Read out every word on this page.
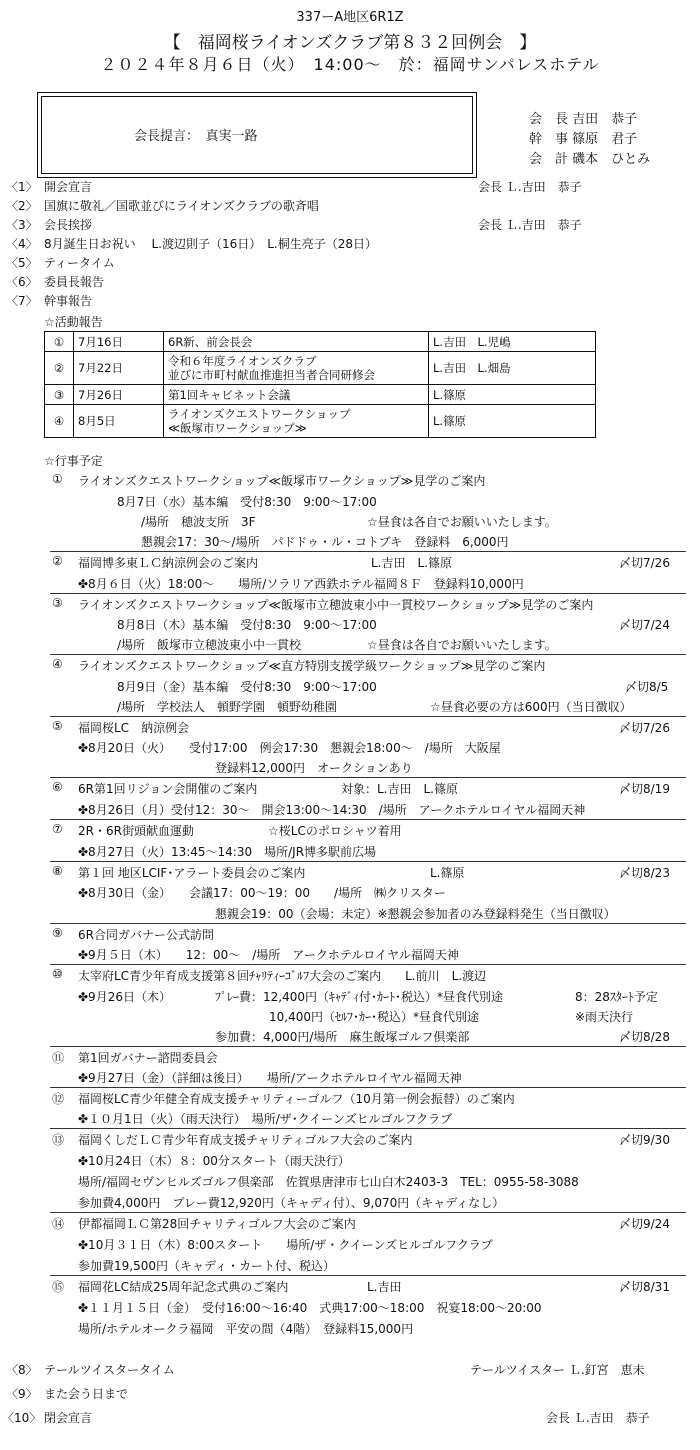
337ーA地区6R1Z
【　福岡桜ライオンズクラブ第８３２回例会　】
２０２４年８月６日（火）　14:00～　於：福岡サンパレスホテル
会長提言：　真実一路
会　長 吉田　恭子
幹　事 篠原　君子
会　計 磯本　ひとみ
〈1〉 開会宣言	会長 Ｌ.吉田　恭子
〈2〉 国旗に敬礼／国歌並びにライオンズクラブの歌斉唱
〈3〉 会長挨拶	会長 Ｌ.吉田　恭子
〈4〉 8月誕生日お祝い　 L.渡辺則子（16日）　L.桐生亮子（28日）
〈5〉 ティータイム
〈6〉 委員長報告
〈7〉 幹事報告
☆活動報告
①	7月16日	6R新、前会長会	L.吉田　L.児嶋
②	7月22日	令和６年度ライオンズクラブ
並びに市町村献血推進担当者合同研修会	L.吉田　L.畑島
③	7月26日	第1回キャビネット会議	L.篠原
④	8月5日	ライオンズクエストワークショップ
≪飯塚市ワークショップ≫	L.篠原
☆行事予定
① ライオンズクエストワークショップ≪飯塚市ワークショップ≫見学のご案内
8月7日（水）基本編　受付8:30　9:00～17:00
/場所　穂波支所　3F	☆昼食は各自でお願いいたします。
懇親会17：30～/場所　パドドゥ・ル・コトブキ　登録料　6,000円
② 福岡博多東ＬＣ納涼例会のご案内	L.吉田　L.篠原	〆切7/26
✤8月６日（火）18:00～　　場所/ソラリア西鉄ホテル福岡８Ｆ　登録料10,000円
③ ライオンズクエストワークショップ≪飯塚市立穂波東小中一貫校ワークショップ≫見学のご案内
8月8日（木）基本編　受付8:30　9:00～17:00	〆切7/24
/場所　飯塚市立穂波東小中一貫校	☆昼食は各自でお願いいたします。
④ ライオンズクエストワークショップ≪直方特別支援学級ワークショップ≫見学のご案内
8月9日（金）基本編　受付8:30　9:00～17:00	〆切8/5
/場所　学校法人　頓野学園　頓野幼稚園	☆昼食必要の方は600円（当日徴収）
⑤ 福岡桜LC　納涼例会	〆切7/26
✤8月20日（火）　　受付17:00　例会17:30　懇親会18:00～　/場所　大阪屋
登録料12,000円　オークションあり
⑥ 6R第1回リジョン会開催のご案内	対象：L.吉田　L.篠原	〆切8/19
✤8月26日（月）受付12：30～　開会13:00～14:30　/場所　アークホテルロイヤル福岡天神
⑦ 2R・6R街頭献血運動	☆桜LCのポロシャツ着用
✤8月27日（火）13:45～14:30　場所/JR博多駅前広場
⑧ 第１回 地区LCIF･アラート委員会のご案内	L.篠原	〆切8/23
✤8月30日（金）　　会議17：00～19：00　　/場所　㈱クリスター
懇親会19：00（会場：未定）※懇親会参加者のみ登録料発生（当日徴収）
⑨ 6R合同ガバナー公式訪問
✤9月５日（木）　　12：00～　/場所　アークホテルロイヤル福岡天神
⑩ 太宰府LC青少年育成支援第８回ﾁｬﾘﾃｨｰｺﾞﾙﾌ大会のご案内　　L.前川　L.渡辺
✤9月26日（木）	ﾌﾟﾚｰ費：12,400円（ｷｬﾃﾞｨ付･ｶｰﾄ･税込）*昼食代別途	8：28ｽﾀｰﾄ予定
10,400円（ｾﾙﾌ･ｶｰ･税込）*昼食代別途	※雨天決行
参加費：4,000円/場所　麻生飯塚ゴルフ倶楽部	〆切8/28
⑪ 第1回ガバナー諮問委員会
✤9月27日（金）（詳細は後日）　　場所/アークホテルロイヤル福岡天神
⑫ 福岡桜LC青少年健全育成支援チャリティーゴルフ（10月第一例会振替）のご案内
✤１０月1日（火）（雨天決行）　場所/ザ･クイーンズヒルゴルフクラブ
⑬ 福岡くしだＬＣ青少年育成支援チャリティゴルフ大会のご案内	〆切9/30
✤10月24日（木）８：00分スタート（雨天決行）
場所/福岡セヴンヒルズゴルフ倶楽部　佐賀県唐津市七山白木2403-3　TEL：0955-58-3088
参加費4,000円　プレー費12,920円（キャディ付）、9,070円（キャディなし）
⑭ 伊都福岡ＬＣ第28回チャリティゴルフ大会のご案内	〆切9/24
✤10月３１日（木）8:00スタート　　場所/ザ・クイーンズヒルゴルフクラブ
参加費19,500円（キャディ・カート付、税込）
⑮ 福岡花LC結成25周年記念式典のご案内	L.吉田	〆切8/31
✤１１月１５日（金）　受付16:00～16:40　式典17:00～18:00　祝宴18:00～20:00
場所/ホテルオークラ福岡　平安の間（4階）　登録料15,000円
〈8〉 テールツイスタータイム	テールツイスター Ｌ.釘宮　恵未
〈9〉 また会う日まで
〈10〉 閉会宣言	会長 Ｌ.吉田　恭子
